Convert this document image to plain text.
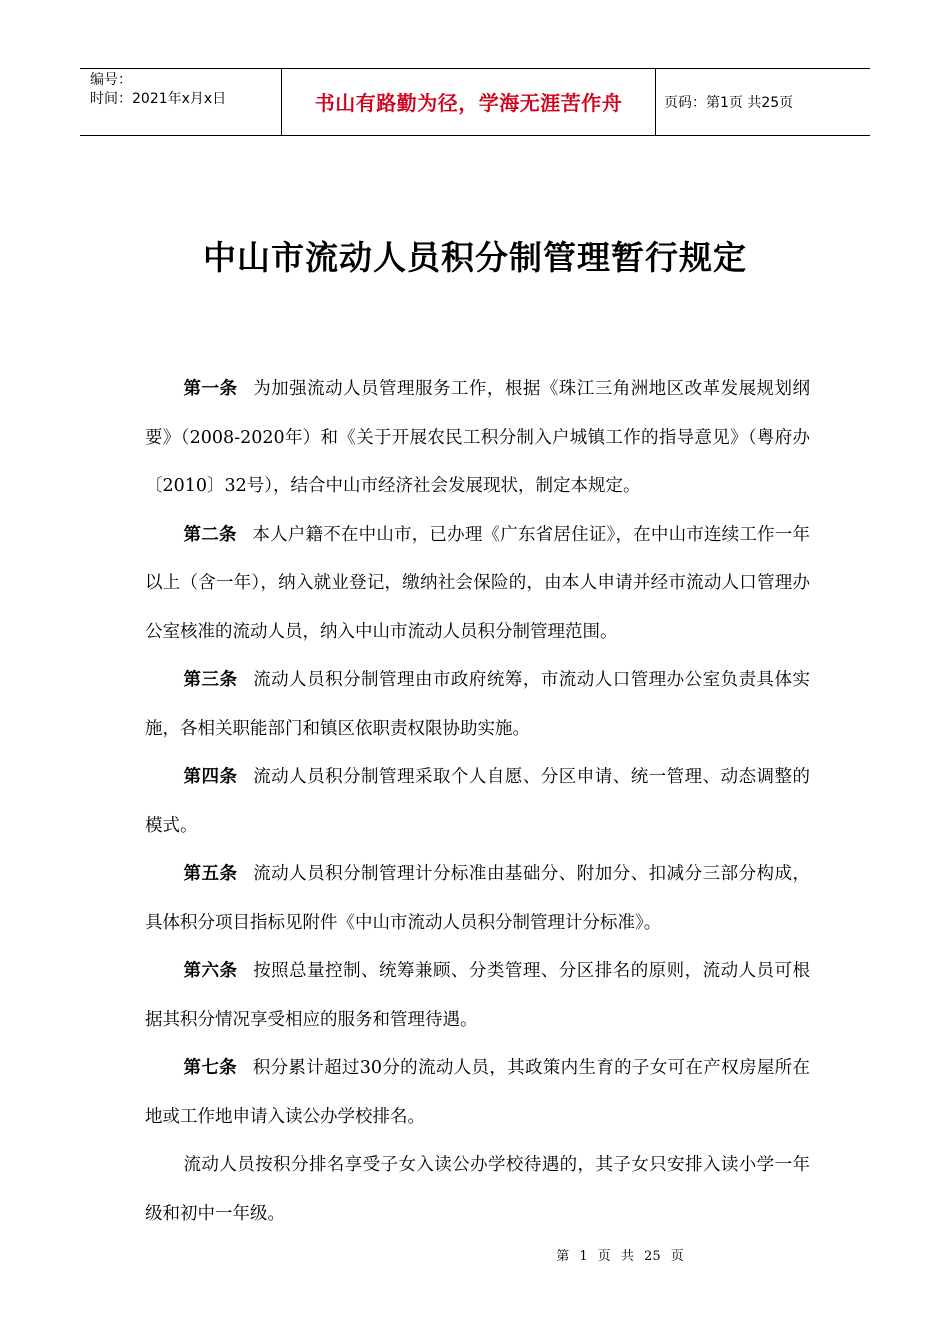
编号：
时间：2021年x月x日	书山有路勤为径，学海无涯苦作舟	页码：第1页 共25页
中山市流动人员积分制管理暂行规定

第一条 为加强流动人员管理服务工作，根据《珠江三角洲地区改革发展规划纲要》（2008-2020年）和《关于开展农民工积分制入户城镇工作的指导意见》（粤府办〔2010〕32号），结合中山市经济社会发展现状，制定本规定。

第二条 本人户籍不在中山市，已办理《广东省居住证》，在中山市连续工作一年以上（含一年），纳入就业登记，缴纳社会保险的，由本人申请并经市流动人口管理办公室核准的流动人员，纳入中山市流动人员积分制管理范围。

第三条 流动人员积分制管理由市政府统筹，市流动人口管理办公室负责具体实施，各相关职能部门和镇区依职责权限协助实施。

第四条 流动人员积分制管理采取个人自愿、分区申请、统一管理、动态调整的模式。

第五条 流动人员积分制管理计分标准由基础分、附加分、扣减分三部分构成，具体积分项目指标见附件《中山市流动人员积分制管理计分标准》。

第六条 按照总量控制、统筹兼顾、分类管理、分区排名的原则，流动人员可根据其积分情况享受相应的服务和管理待遇。

第七条 积分累计超过30分的流动人员，其政策内生育的子女可在产权房屋所在地或工作地申请入读公办学校排名。

流动人员按积分排名享受子女入读公办学校待遇的，其子女只安排入读小学一年级和初中一年级。

第 1 页 共 25 页
